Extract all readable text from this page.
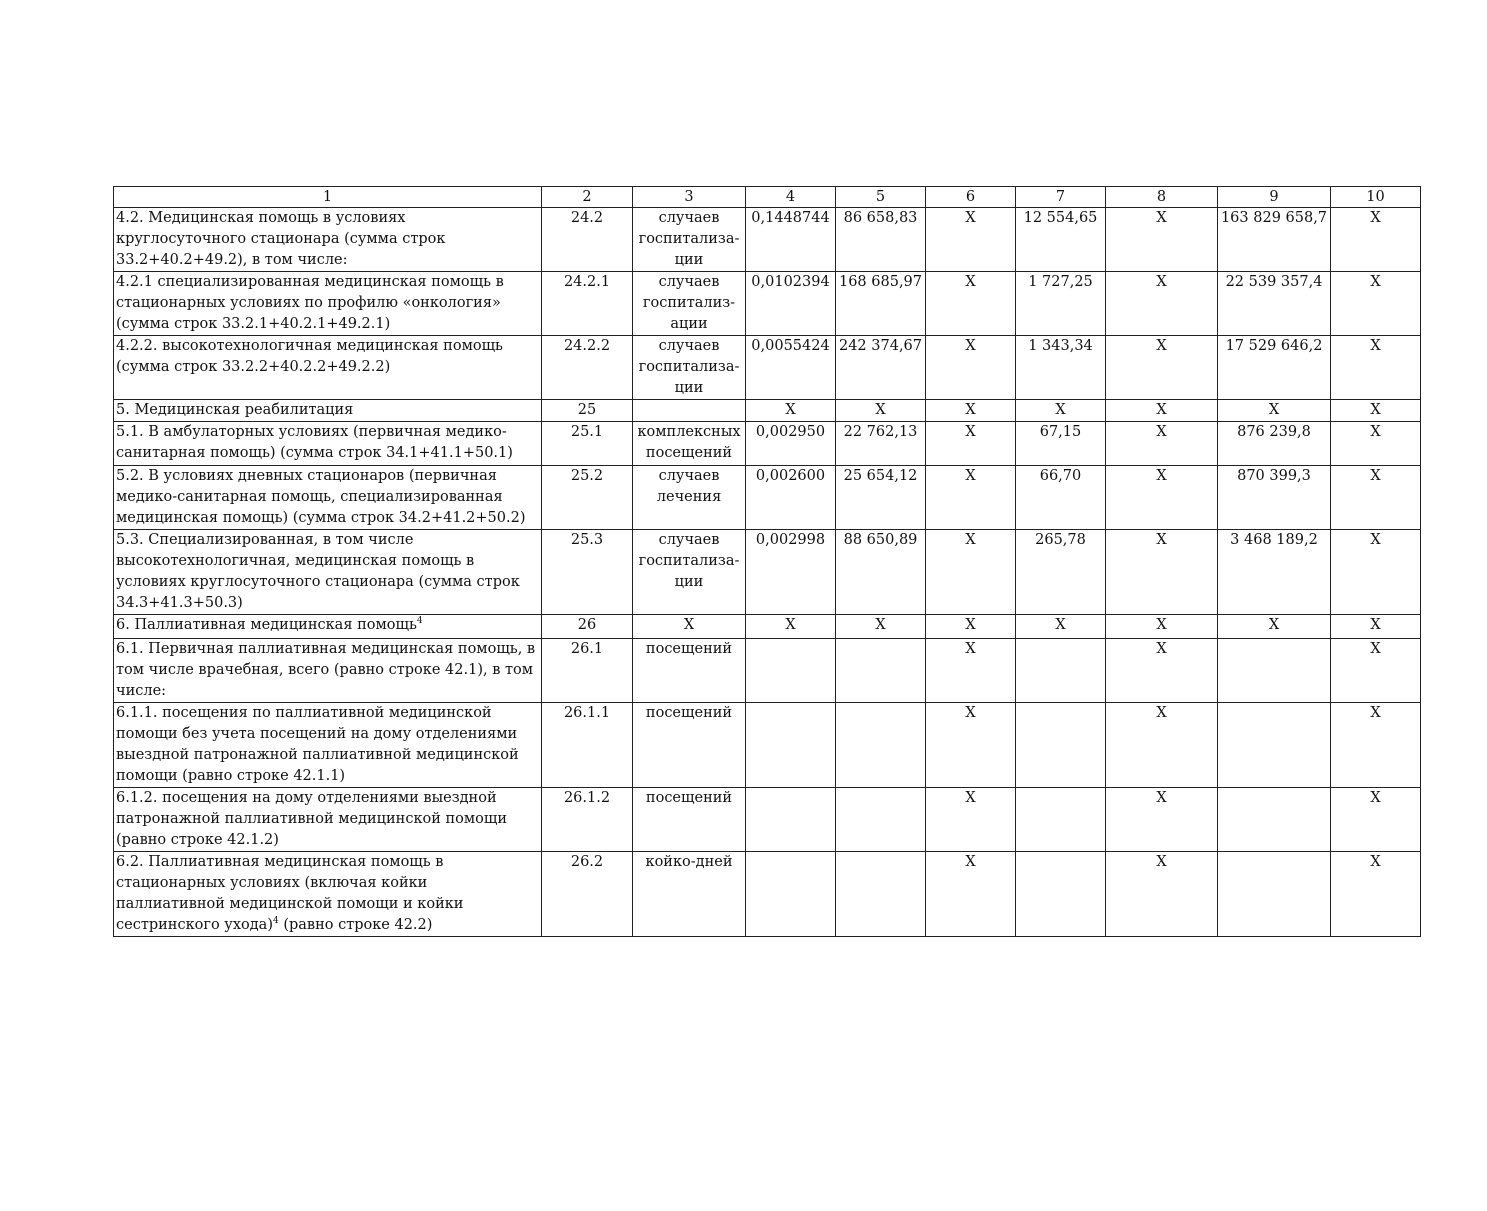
1	2	3	4	5	6	7	8	9	10
4.2. Медицинская помощь в условиях круглосуточного стационара (сумма строк 33.2+40.2+49.2), в том числе:	24.2	случаев госпитализа-ции	0,1448744	86 658,83	Х	12 554,65	Х	163 829 658,7	Х
4.2.1 специализированная медицинская помощь в стационарных условиях по профилю «онкология» (сумма строк 33.2.1+40.2.1+49.2.1)	24.2.1	случаев госпитализ-ации	0,0102394	168 685,97	Х	1 727,25	Х	22 539 357,4	Х
4.2.2. высокотехнологичная медицинская помощь (сумма строк 33.2.2+40.2.2+49.2.2)	24.2.2	случаев госпитализа-ции	0,0055424	242 374,67	Х	1 343,34	Х	17 529 646,2	Х
5. Медицинская реабилитация	25		Х	Х	Х	Х	Х	Х	Х
5.1. В амбулаторных условиях (первичная медико-санитарная помощь) (сумма строк 34.1+41.1+50.1)	25.1	комплексных посещений	0,002950	22 762,13	Х	67,15	Х	876 239,8	Х
5.2. В условиях дневных стационаров (первичная медико-санитарная помощь, специализированная медицинская помощь) (сумма строк 34.2+41.2+50.2)	25.2	случаев лечения	0,002600	25 654,12	Х	66,70	Х	870 399,3	Х
5.3. Специализированная, в том числе высокотехнологичная, медицинская помощь в условиях круглосуточного стационара (сумма строк 34.3+41.3+50.3)	25.3	случаев госпитализа-ции	0,002998	88 650,89	Х	265,78	Х	3 468 189,2	Х
6. Паллиативная медицинская помощь$^4$	26	Х	Х	Х	Х	Х	Х	Х	Х
6.1. Первичная паллиативная медицинская помощь, в том числе врачебная, всего (равно строке 42.1), в том числе:	26.1	посещений			Х		Х		Х
6.1.1. посещения по паллиативной медицинской помощи без учета посещений на дому отделениями выездной патронажной паллиативной медицинской помощи (равно строке 42.1.1)	26.1.1	посещений			Х		Х		Х
6.1.2. посещения на дому отделениями выездной патронажной паллиативной медицинской помощи (равно строке 42.1.2)	26.1.2	посещений			Х		Х		Х
6.2. Паллиативная медицинская помощь в стационарных условиях (включая койки паллиативной медицинской помощи и койки сестринского ухода)$^4$ (равно строке 42.2)	26.2	койко-дней			Х		Х		Х
